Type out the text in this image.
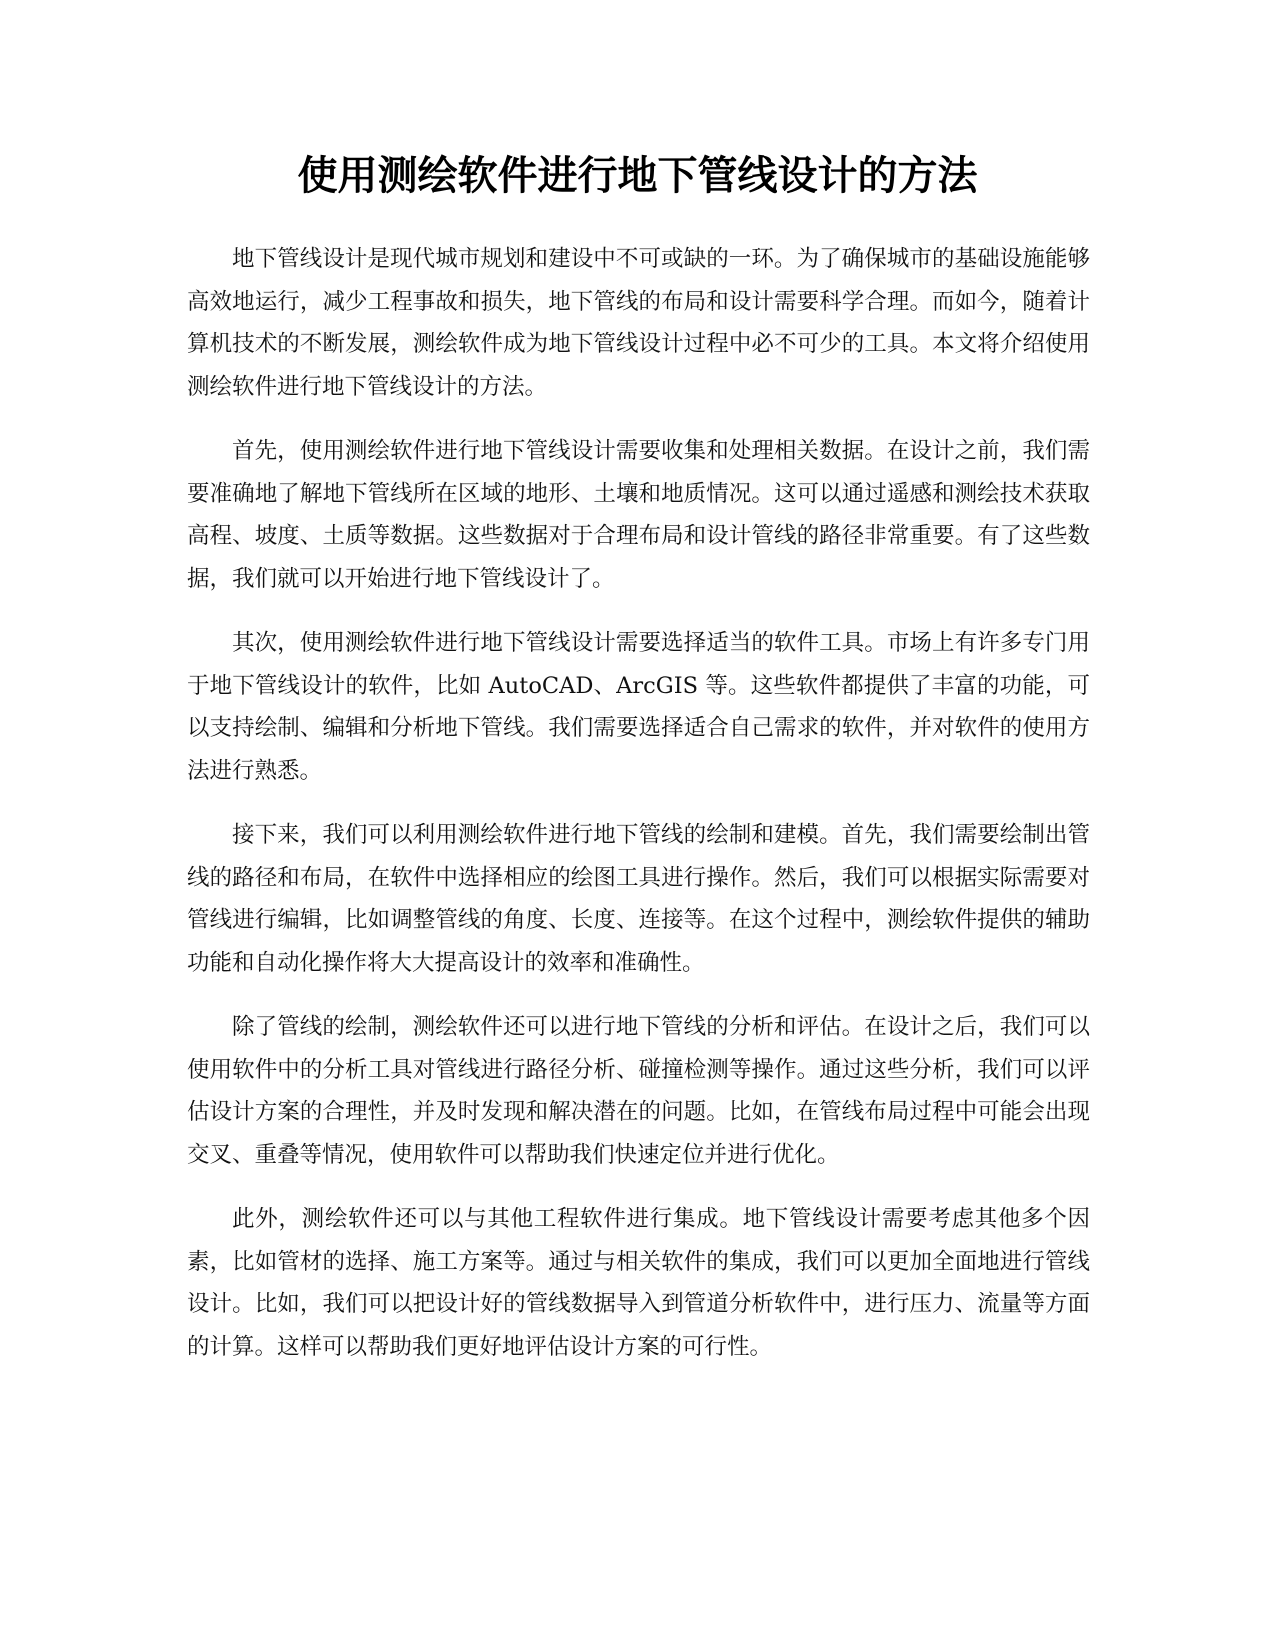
使用测绘软件进行地下管线设计的方法

地下管线设计是现代城市规划和建设中不可或缺的一环。为了确保城市的基础设施能够高效地运行，减少工程事故和损失，地下管线的布局和设计需要科学合理。而如今，随着计算机技术的不断发展，测绘软件成为地下管线设计过程中必不可少的工具。本文将介绍使用测绘软件进行地下管线设计的方法。

首先，使用测绘软件进行地下管线设计需要收集和处理相关数据。在设计之前，我们需要准确地了解地下管线所在区域的地形、土壤和地质情况。这可以通过遥感和测绘技术获取高程、坡度、土质等数据。这些数据对于合理布局和设计管线的路径非常重要。有了这些数据，我们就可以开始进行地下管线设计了。

其次，使用测绘软件进行地下管线设计需要选择适当的软件工具。市场上有许多专门用于地下管线设计的软件，比如 AutoCAD、ArcGIS 等。这些软件都提供了丰富的功能，可以支持绘制、编辑和分析地下管线。我们需要选择适合自己需求的软件，并对软件的使用方法进行熟悉。

接下来，我们可以利用测绘软件进行地下管线的绘制和建模。首先，我们需要绘制出管线的路径和布局，在软件中选择相应的绘图工具进行操作。然后，我们可以根据实际需要对管线进行编辑，比如调整管线的角度、长度、连接等。在这个过程中，测绘软件提供的辅助功能和自动化操作将大大提高设计的效率和准确性。

除了管线的绘制，测绘软件还可以进行地下管线的分析和评估。在设计之后，我们可以使用软件中的分析工具对管线进行路径分析、碰撞检测等操作。通过这些分析，我们可以评估设计方案的合理性，并及时发现和解决潜在的问题。比如，在管线布局过程中可能会出现交叉、重叠等情况，使用软件可以帮助我们快速定位并进行优化。

此外，测绘软件还可以与其他工程软件进行集成。地下管线设计需要考虑其他多个因素，比如管材的选择、施工方案等。通过与相关软件的集成，我们可以更加全面地进行管线设计。比如，我们可以把设计好的管线数据导入到管道分析软件中，进行压力、流量等方面的计算。这样可以帮助我们更好地评估设计方案的可行性。
